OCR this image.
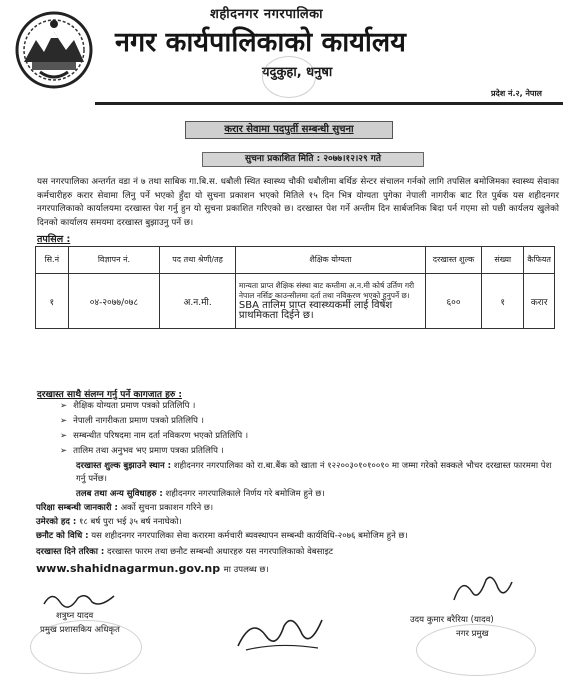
शहीदनगर नगरपालिका
नगर कार्यपालिकाको कार्यालय
यदुकुहा, धनुषा
प्रदेश नं.२, नेपाल
करार सेवामा पदपुर्ती सम्बन्धी सुचना
सुचना प्रकाशित मिति : २०७७।१२।२९ गते
यस नगरपालिका अन्तर्गत वडा नं ७ तथा साबिक गा.बि.स. धबौली स्थित स्वास्थ्य चौकी धबौलीमा बर्थिङ सेन्टर संचालन गर्नको लागि तपसिल बमोजिमका स्वास्थ्य सेवाका कर्मचारीहरु करार सेवामा लिनु पर्ने भएको हुँदा यो सुचना प्रकाशन भएको मितिले १५ दिन भित्र योग्यता पुगेका नेपाली नागरीक बाट रित पुर्बक यस शहीदनगर नगरपालिकाको कार्यालयमा दरखास्त पेश गर्नु हुन यो सुचना प्रकाशित गरिएको छ। दरखास्त पेश गर्ने अन्तीम दिन सार्बजनिक बिदा पर्न गएमा सो पछी कार्यलय खुलेको दिनको कार्यालय समयमा दरखास्त बुझाउनु पर्ने छ।
तपसिल :
सि.नं	विज्ञापन नं.	पद तथा श्रेणी/तह	शैक्षिक योग्यता	दरखास्त शुल्क	संख्या	कैफियत
१	०४-२०७७/०७८	अ.न.मी.	मान्यता प्राप्त शैक्षिक संस्था बाट कम्तीमा अ.न.मी कोर्ष उर्तिण गरी नेपाल नर्सिङ काउन्सीलमा दर्ता तथा नविकरण भएको हुनुपर्ने छ। SBA तालिम प्राप्त स्वास्थ्यकर्मी लाई विषेश प्राथमिकता दिईने छ।	६००	१	करार
दरखास्त साथै संलग्न गर्नु पर्ने कागजात हरु :
➢ शैक्षिक योग्यता प्रमाण पत्रको प्रतिलिपि ।
➢ नेपाली नागरीकता प्रमाण पत्रको प्रतिलिपि ।
➢ सम्बन्धीत परिषदमा नाम दर्ता नविकरण भएको प्रतिलिपि ।
➢ तालिम तथा अनुभव भए प्रमाण पत्रका प्रतिलिपि ।
दरखास्त शुल्क बुझाउने स्थान : शहीदनगर नगरपालिका को रा.बा.बैंक को खाता नं १२२००३०१०१००१० मा जम्मा गरेको सक्कले भौचर दरखास्त फारममा पेश गर्नु पर्नेछ।
तलब तथा अन्य सुविधाहरु : शहीदनगर नगरपालिकाले निर्णय गरे बमोजिम हुने छ।
परिक्षा सम्बन्धी जानकारी : अर्को सुचना प्रकाशन गरिने छ।
उमेरको हद : १८ बर्ष पुरा भई ३५ बर्ष ननाघेको।
छनौट को विधि : यस शहीदनगर नगरपालिका सेवा करारमा कर्मचारी ब्यवस्थापन सम्बन्धी कार्यविधि-२०७६ बमोजिम हुने छ।
दरखास्त दिने तरिका : दरखास्त फारम तथा छनौट सम्बन्धी अधारहरु यस नगरपालिकाको वेबसाइट
www.shahidnagarmun.gov.np मा उपलब्ध छ।
शत्रुघ्न यादव
प्रमुख प्रशासकिय अधिकृत
उदय कुमार बरैरिया (यादव)
नगर प्रमुख
